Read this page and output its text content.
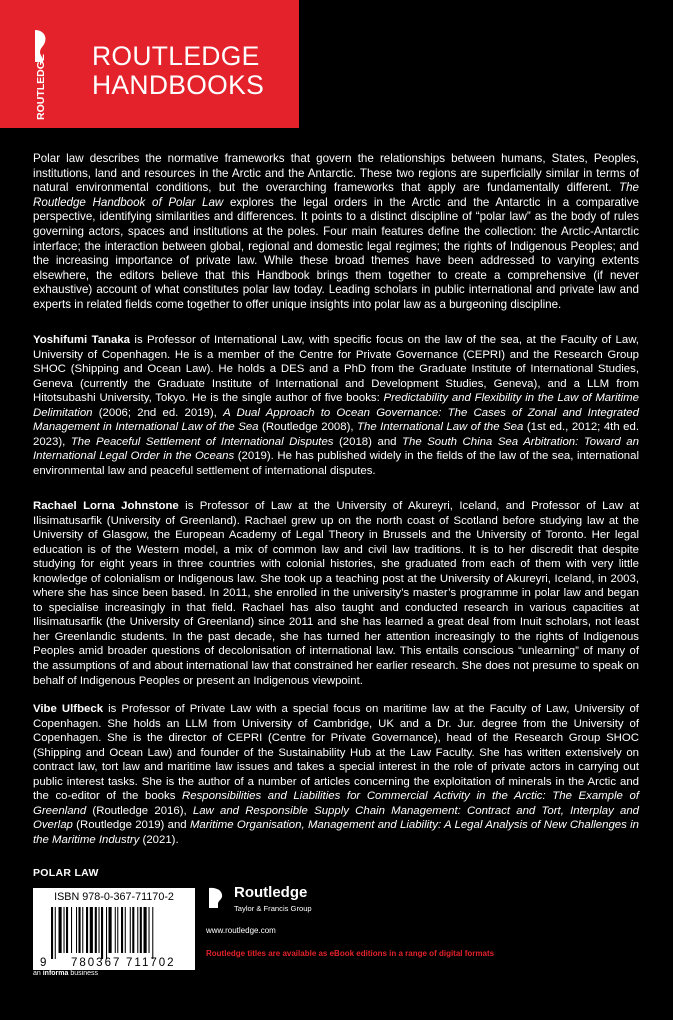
ROUTLEDGE ROUTLEDGE
HANDBOOKS

Polar law describes the normative frameworks that govern the relationships between humans, States, Peoples, institutions, land and resources in the Arctic and the Antarctic. These two regions are superficially similar in terms of natural environmental conditions, but the overarching frameworks that apply are fundamentally different. The Routledge Handbook of Polar Law explores the legal orders in the Arctic and the Antarctic in a comparative perspective, identifying similarities and differences. It points to a distinct discipline of “polar law” as the body of rules governing actors, spaces and institutions at the poles. Four main features define the collection: the Arctic-Antarctic interface; the interaction between global, regional and domestic legal regimes; the rights of Indigenous Peoples; and the increasing importance of private law. While these broad themes have been addressed to varying extents elsewhere, the editors believe that this Handbook brings them together to create a comprehensive (if never exhaustive) account of what constitutes polar law today. Leading scholars in public international and private law and experts in related fields come together to offer unique insights into polar law as a burgeoning discipline.

Yoshifumi Tanaka is Professor of International Law, with specific focus on the law of the sea, at the Faculty of Law, University of Copenhagen. He is a member of the Centre for Private Governance (CEPRI) and the Research Group SHOC (Shipping and Ocean Law). He holds a DES and a PhD from the Graduate Institute of International Studies, Geneva (currently the Graduate Institute of International and Development Studies, Geneva), and a LLM from Hitotsubashi University, Tokyo. He is the single author of five books: Predictability and Flexibility in the Law of Maritime Delimitation (2006; 2nd ed. 2019), A Dual Approach to Ocean Governance: The Cases of Zonal and Integrated Management in International Law of the Sea (Routledge 2008), The International Law of the Sea (1st ed., 2012; 4th ed. 2023), The Peaceful Settlement of International Disputes (2018) and The South China Sea Arbitration: Toward an International Legal Order in the Oceans (2019). He has published widely in the fields of the law of the sea, international environmental law and peaceful settlement of international disputes.

Rachael Lorna Johnstone is Professor of Law at the University of Akureyri, Iceland, and Professor of Law at Ilisimatusarfik (University of Greenland). Rachael grew up on the north coast of Scotland before studying law at the University of Glasgow, the European Academy of Legal Theory in Brussels and the University of Toronto. Her legal education is of the Western model, a mix of common law and civil law traditions. It is to her discredit that despite studying for eight years in three countries with colonial histories, she graduated from each of them with very little knowledge of colonialism or Indigenous law. She took up a teaching post at the University of Akureyri, Iceland, in 2003, where she has since been based. In 2011, she enrolled in the university’s master’s programme in polar law and began to specialise increasingly in that field. Rachael has also taught and conducted research in various capacities at Ilisimatusarfik (the University of Greenland) since 2011 and she has learned a great deal from Inuit scholars, not least her Greenlandic students. In the past decade, she has turned her attention increasingly to the rights of Indigenous Peoples amid broader questions of decolonisation of international law. This entails conscious “unlearning” of many of the assumptions of and about international law that constrained her earlier research. She does not presume to speak on behalf of Indigenous Peoples or present an Indigenous viewpoint.

Vibe Ulfbeck is Professor of Private Law with a special focus on maritime law at the Faculty of Law, University of Copenhagen. She holds an LLM from University of Cambridge, UK and a Dr. Jur. degree from the University of Copenhagen. She is the director of CEPRI (Centre for Private Governance), head of the Research Group SHOC (Shipping and Ocean Law) and founder of the Sustainability Hub at the Law Faculty. She has written extensively on contract law, tort law and maritime law issues and takes a special interest in the role of private actors in carrying out public interest tasks. She is the author of a number of articles concerning the exploitation of minerals in the Arctic and the co-editor of the books Responsibilities and Liabilities for Commercial Activity in the Arctic: The Example of Greenland (Routledge 2016), Law and Responsible Supply Chain Management: Contract and Tort, Interplay and Overlap (Routledge 2019) and Maritime Organisation, Management and Liability: A Legal Analysis of New Challenges in the Maritime Industry (2021).

POLAR LAW
ISBN 978-0-367-71170-2
9 780367 711702
an informa business
Routledge
Taylor & Francis Group
www.routledge.com
Routledge titles are available as eBook editions in a range of digital formats
